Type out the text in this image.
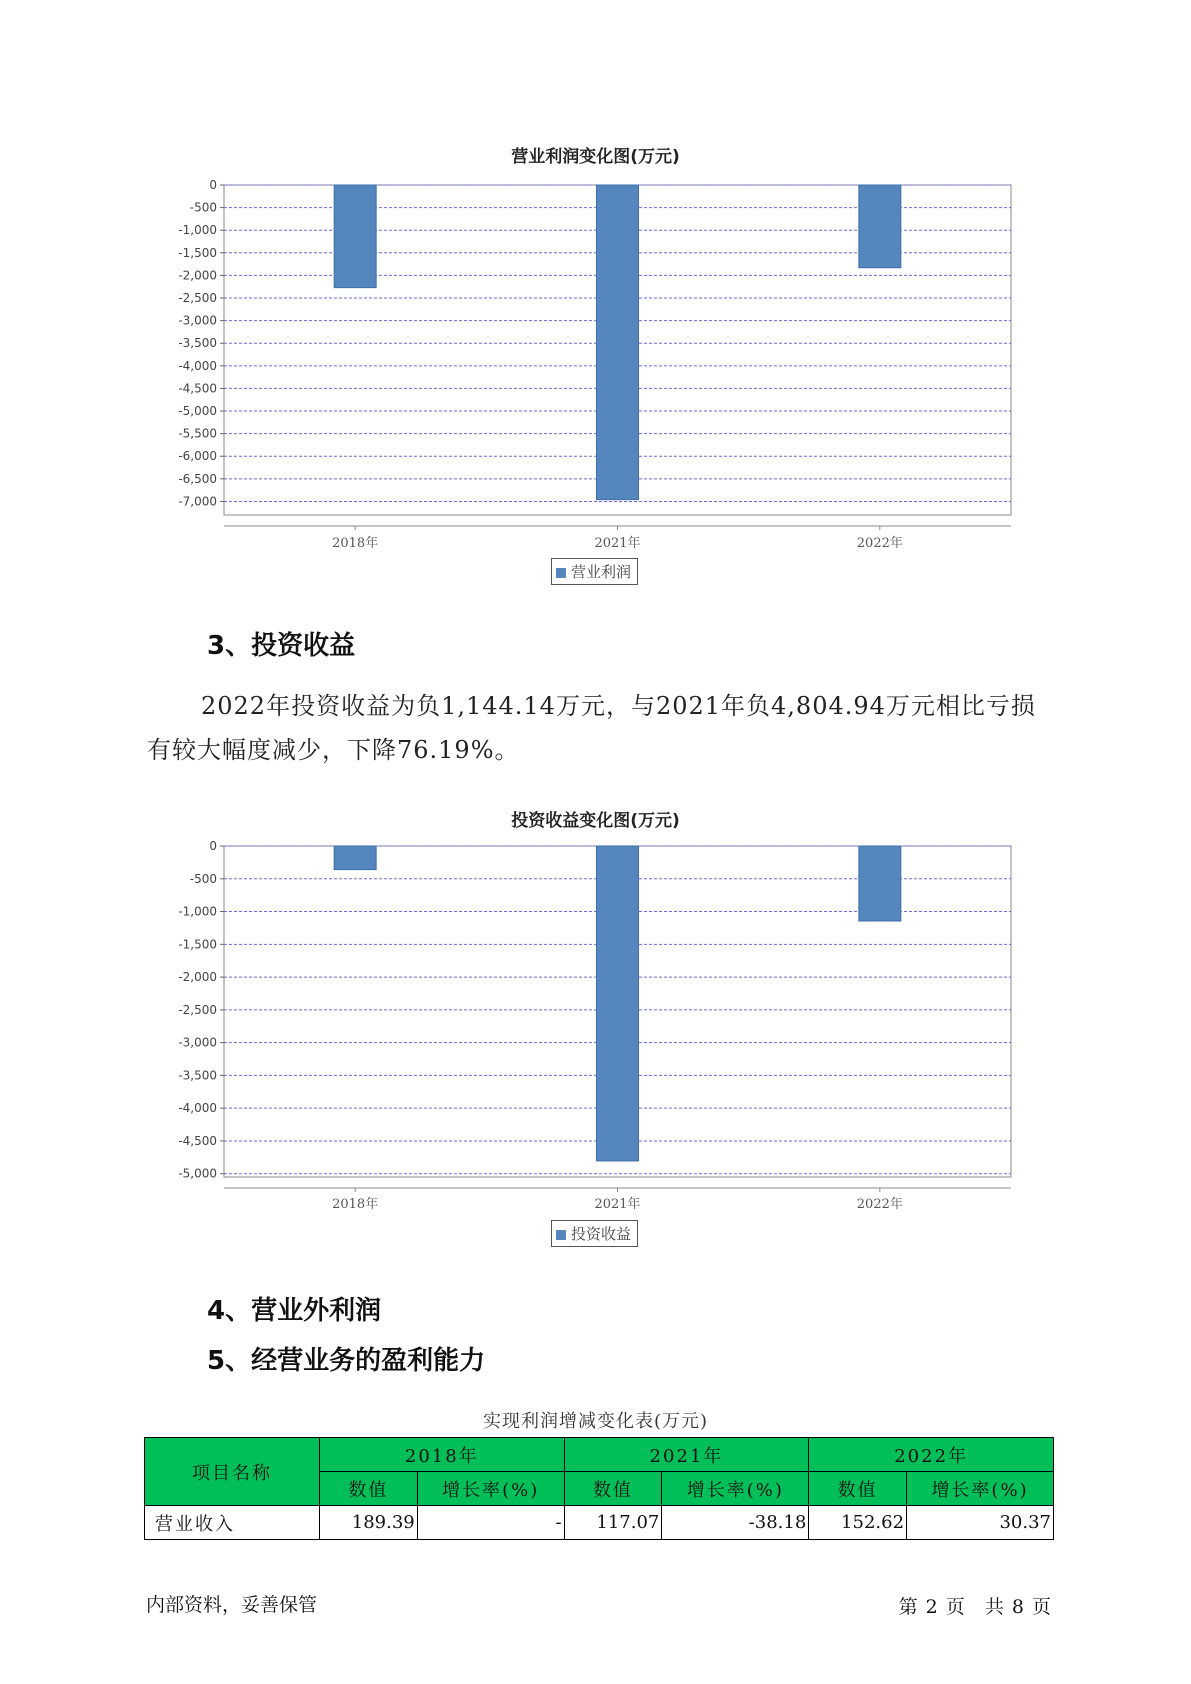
营业利润变化图(万元)
0
-500
-1,000
-1,500
-2,000
-2,500
-3,000
-3,500
-4,000
-4,500
-5,000
-5,500
-6,000
-6,500
-7,000
2018年	2021年	2022年
营业利润
3、投资收益
2022年投资收益为负1,144.14万元，与2021年负4,804.94万元相比亏损有较大幅度减少，下降76.19%。
投资收益变化图(万元)
0
-500
-1,000
-1,500
-2,000
-2,500
-3,000
-3,500
-4,000
-4,500
-5,000
2018年	2021年	2022年
投资收益
4、营业外利润
5、经营业务的盈利能力
实现利润增减变化表(万元)
项目名称	2018年		2021年		2022年	
	数值	增长率(%)	数值	增长率(%)	数值	增长率(%)
营业收入	189.39	-	117.07	-38.18	152.62	30.37
内部资料，妥善保管	第 2 页 共 8 页
